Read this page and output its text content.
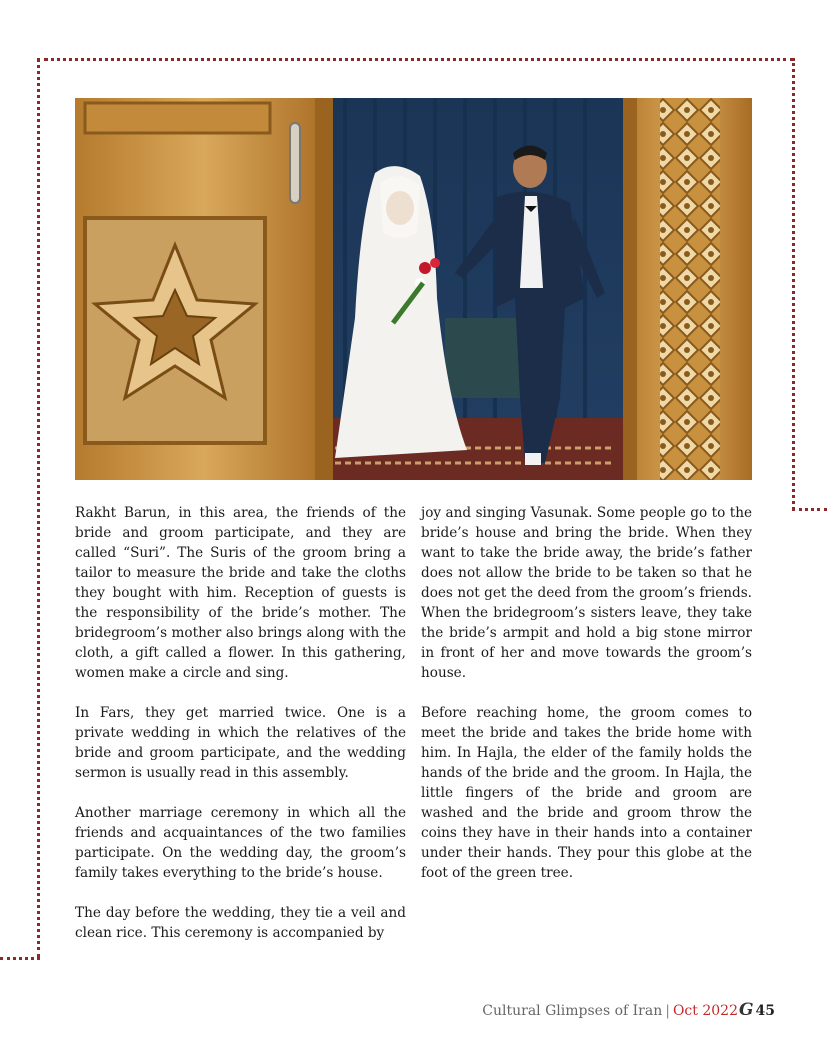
Rakht Barun, in this area, the friends of the bride and groom participate, and they are called “Suri”. The Suris of the groom bring a tailor to measure the bride and take the cloths they bought with him. Reception of guests is the responsibility of the bride’s mother. The bridegroom’s mother also brings along with the cloth, a gift called a flower. In this gathering, women make a circle and sing.

In Fars, they get married twice. One is a private wedding in which the relatives of the bride and groom participate, and the wedding sermon is usually read in this assembly.

Another marriage ceremony in which all the friends and acquaintances of the two families participate. On the wedding day, the groom’s family takes everything to the bride’s house.

The day before the wedding, they tie a veil and clean rice. This ceremony is accompanied by

joy and singing Vasunak. Some people go to the bride’s house and bring the bride. When they want to take the bride away, the bride’s father does not allow the bride to be taken so that he does not get the deed from the groom’s friends. When the bridegroom’s sisters leave, they take the bride’s armpit and hold a big stone mirror in front of her and move towards the groom’s house.

Before reaching home, the groom comes to meet the bride and takes the bride home with him. In Hajla, the elder of the family holds the hands of the bride and the groom. In Hajla, the little fingers of the bride and groom are washed and the bride and groom throw the coins they have in their hands into a container under their hands. They pour this globe at the foot of the green tree.

Cultural Glimpses of Iran | Oct 2022G 45
